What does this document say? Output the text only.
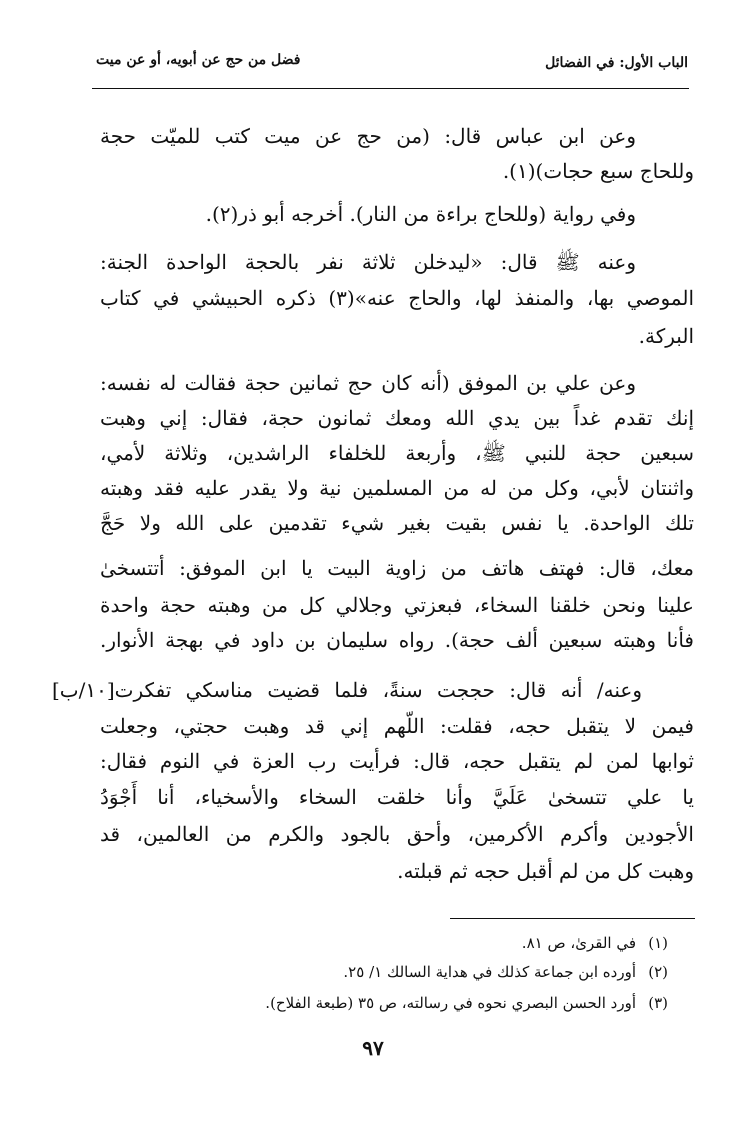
فضل من حج عن أبويه، أو عن ميت	الباب الأول: في الفضائل
وعن ابن عباس قال: (من حج عن ميت كتب للميّت حجة
وللحاج سبع حجات)(١).
وفي رواية (وللحاج براءة من النار). أخرجه أبو ذر(٢).
وعنه ﷺ قال: «ليدخلن ثلاثة نفر بالحجة الواحدة الجنة:
الموصي بها، والمنفذ لها، والحاج عنه»(٣) ذكره الحبيشي في كتاب
البركة.
وعن علي بن الموفق (أنه كان حج ثمانين حجة فقالت له نفسه:
إنك تقدم غداً بين يدي الله ومعك ثمانون حجة، فقال: إني وهبت
سبعين حجة للنبي ﷺ، وأربعة للخلفاء الراشدين، وثلاثة لأمي،
واثنتان لأبي، وكل من له من المسلمين نية ولا يقدر عليه فقد وهبته
تلك الواحدة. يا نفس بقيت بغير شيء تقدمين على الله ولا حَجَّ
معك، قال: فهتف هاتف من زاوية البيت يا ابن الموفق: أتتسخىٰ
علينا ونحن خلقنا السخاء، فبعزتي وجلالي كل من وهبته حجة واحدة
فأنا وهبته سبعين ألف حجة). رواه سليمان بن داود في بهجة الأنوار.
وعنه/ أنه قال: حججت سنةً، فلما قضيت مناسكي تفكرت[١٠/ب]
فيمن لا يتقبل حجه، فقلت: اللّهم إني قد وهبت حجتي، وجعلت
ثوابها لمن لم يتقبل حجه، قال: فرأيت رب العزة في النوم فقال:
يا علي تتسخىٰ عَلَيَّ وأنا خلقت السخاء والأسخياء، أنا أَجْوَدُ
الأجودين وأكرم الأكرمين، وأحق بالجود والكرم من العالمين، قد
وهبت كل من لم أقبل حجه ثم قبلته.
(١)في القرىٰ، ص ٨١.
(٢)أورده ابن جماعة كذلك في هداية السالك ١/ ٢٥.
(٣)أورد الحسن البصري نحوه في رسالته، ص ٣٥ (طبعة الفلاح).
٩٧
